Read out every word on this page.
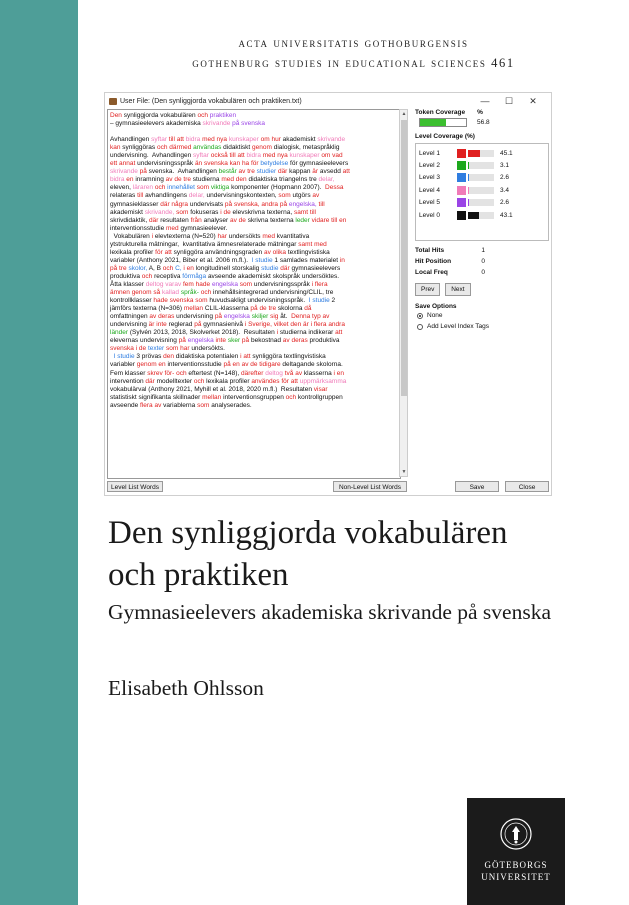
acta universitatis gothoburgensis
gothenburg studies in educational sciences 461
User File: (Den synliggjorda vokabulären och praktiken.txt)	—	☐	✕
Den synliggjorda vokabulären och praktiken
– gymnasieelevers akademiska skrivande på svenska

Avhandlingen syftar till att bidra med nya kunskaper om hur akademiskt skrivande
kan synliggöras och därmed användas didaktiskt genom dialogisk, metaspråklig
undervisning.  Avhandlingen syftar också till att bidra med nya kunskaper om vad
ett annat undervisningsspråk än svenska kan ha för betydelse för gymnasieelevers
skrivande på svenska.  Avhandlingen består av tre studier där kappan är avsedd att
bidra en inramning av de tre studierna med den didaktiska triangelns tre delar,
eleven, läraren och innehållet som viktiga komponenter (Hopmann 2007).  Dessa
relateras till avhandlingens delar, undervisningskontexten, som utgörs av
gymnasieklasser där några undervisats på svenska, andra på engelska, till
akademiskt skrivande, som fokuseras i de elevskrivna texterna, samt till
skrivdidaktik, där resultaten från analyser av de skrivna texterna leder vidare till en
interventionsstudie med gymnasieelever.
Vokabulären i elevtexterna (N=520) har undersökts med kvantitativa
ytstrukturella mätningar,  kvantitativa ämnesrelaterade mätningar samt med
lexikala profiler för att synliggöra användningsgraden av olika textlingvistiska
variabler (Anthony 2021, Biber et al. 2006 m.fl.).  I studie 1 samlades materialet in
på tre skolor, A, B och C, i en longitudinell storskalig studie där gymnasieelevers
produktiva och receptiva förmåga avseende akademiskt skolspråk undersöktes.
Åtta klasser deltog varav fem hade engelska som undervisningsspråk i flera
ämnen genom så kallad språk- och innehållsintegrerad undervisning/CLIL, tre
kontrollklasser hade svenska som huvudsakligt undervisningsspråk.  I studie 2
jämförs texterna (N=306) mellan CLIL-klasserna på de tre skolorna då
omfattningen av deras undervisning på engelska skiljer sig åt.  Denna typ av
undervisning är inte reglerad på gymnasienivå i Sverige, vilket den är i flera andra
länder (Sylvén 2013, 2018, Skolverket 2018).  Resultaten i studierna indikerar att
elevernas undervisning på engelska inte sker på bekostnad av deras produktiva
svenska i de texter som har undersökts.
I studie 3 prövas den didaktiska potentialen i att synliggöra textlingvistiska
variabler genom en interventionsstudie på en av de tidigare deltagande skolorna.
Fem klasser skrev för- och eftertest (N=148), därefter deltog två av klasserna i en
intervention där modelltexter och lexikala profiler användes för att uppmärksamma
vokabulärval (Anthony 2021, Myhill et al. 2018, 2020 m.fl.)  Resultaten visar
statistiskt signifikanta skillnader mellan interventionsgruppen och kontrollgruppen
avseende flera av variablerna som analyserades.
▲
▼
Level List Words	Non-Level List Words
Token Coverage %
56.8
Level Coverage (%)
Level 1	45.1
Level 2	3.1
Level 3	2.6
Level 4	3.4
Level 5	2.6
Level 0	43.1
Total Hits	1
Hit Position	0
Local Freq	0
Prev	Next
Save Options
None
Add Level Index Tags
Save	Close
Den synliggjorda vokabulären
och praktiken
Gymnasieelevers akademiska skrivande på svenska
Elisabeth Ohlsson
GÖTEBORGS
UNIVERSITET
